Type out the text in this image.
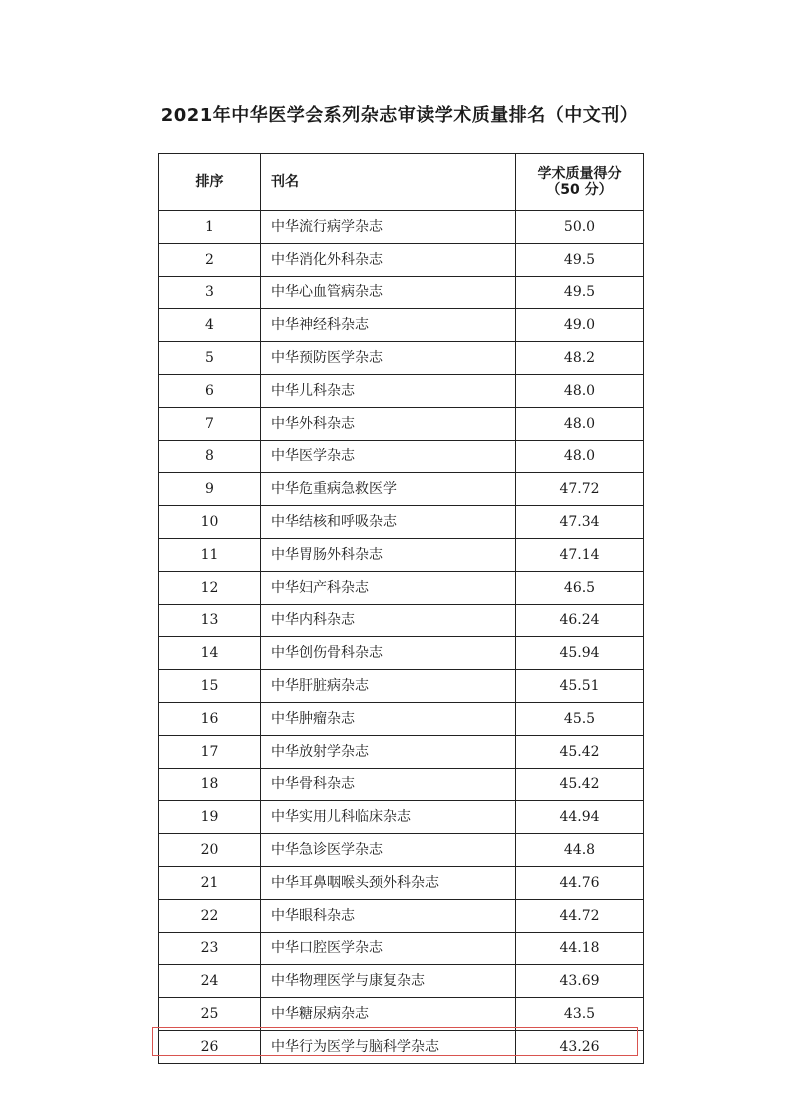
2021年中华医学会系列杂志审读学术质量排名（中文刊）
排序	刊名	学术质量得分
（50 分）

1	中华流行病学杂志	50.0
2	中华消化外科杂志	49.5
3	中华心血管病杂志	49.5
4	中华神经科杂志	49.0
5	中华预防医学杂志	48.2
6	中华儿科杂志	48.0
7	中华外科杂志	48.0
8	中华医学杂志	48.0
9	中华危重病急救医学	47.72
10	中华结核和呼吸杂志	47.34
11	中华胃肠外科杂志	47.14
12	中华妇产科杂志	46.5
13	中华内科杂志	46.24
14	中华创伤骨科杂志	45.94
15	中华肝脏病杂志	45.51
16	中华肿瘤杂志	45.5
17	中华放射学杂志	45.42
18	中华骨科杂志	45.42
19	中华实用儿科临床杂志	44.94
20	中华急诊医学杂志	44.8
21	中华耳鼻咽喉头颈外科杂志	44.76
22	中华眼科杂志	44.72
23	中华口腔医学杂志	44.18
24	中华物理医学与康复杂志	43.69
25	中华糖尿病杂志	43.5
26	中华行为医学与脑科学杂志	43.26
